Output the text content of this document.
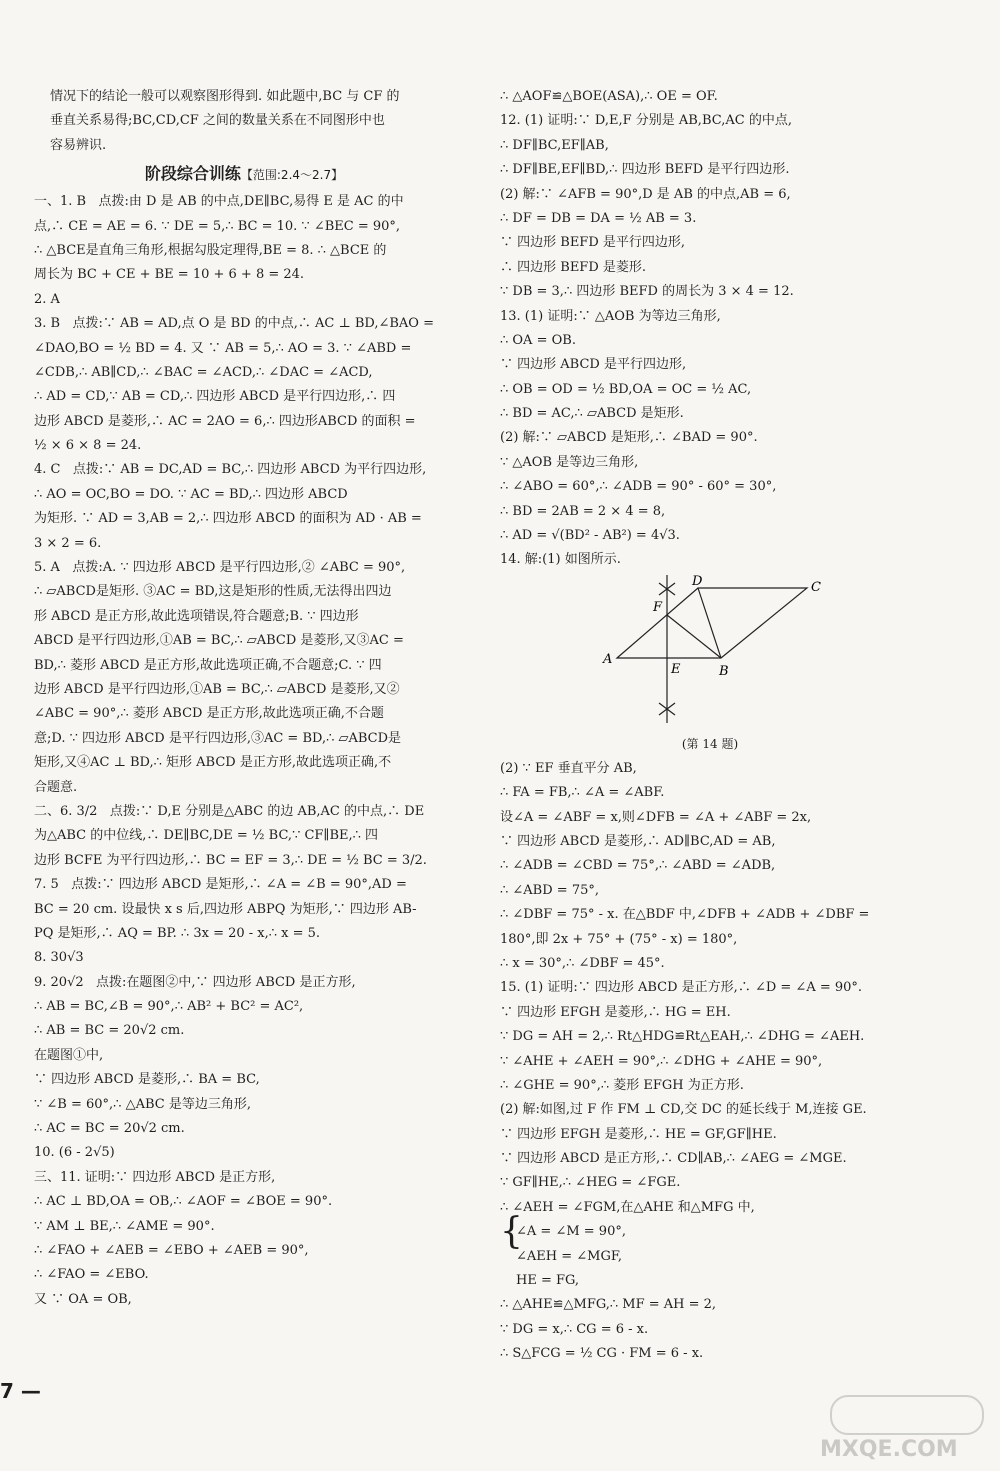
情况下的结论一般可以观察图形得到. 如此题中,BC 与 CF 的
垂直关系易得;BC,CD,CF 之间的数量关系在不同图形中也
容易辨识.
阶段综合训练【范围:2.4～2.7】
一、1. B   点拨:由 D 是 AB 的中点,DE∥BC,易得 E 是 AC 的中
点,∴ CE = AE = 6. ∵ DE = 5,∴ BC = 10. ∵ ∠BEC = 90°,
∴ △BCE是直角三角形,根据勾股定理得,BE = 8. ∴ △BCE 的
周长为 BC + CE + BE = 10 + 6 + 8 = 24.
2. A
3. B   点拨:∵ AB = AD,点 O 是 BD 的中点,∴ AC ⊥ BD,∠BAO =
∠DAO,BO = ½ BD = 4. 又 ∵ AB = 5,∴ AO = 3. ∵ ∠ABD =
∠CDB,∴ AB∥CD,∴ ∠BAC = ∠ACD,∴ ∠DAC = ∠ACD,
∴ AD = CD,∵ AB = CD,∴ 四边形 ABCD 是平行四边形,∴ 四
边形 ABCD 是菱形,∴ AC = 2AO = 6,∴ 四边形ABCD 的面积 =
½ × 6 × 8 = 24.
4. C   点拨:∵ AB = DC,AD = BC,∴ 四边形 ABCD 为平行四边形,
∴ AO = OC,BO = DO. ∵ AC = BD,∴ 四边形 ABCD
为矩形. ∵ AD = 3,AB = 2,∴ 四边形 ABCD 的面积为 AD · AB =
3 × 2 = 6.
5. A   点拨:A. ∵ 四边形 ABCD 是平行四边形,② ∠ABC = 90°,
∴ ▱ABCD是矩形. ③AC = BD,这是矩形的性质,无法得出四边
形 ABCD 是正方形,故此选项错误,符合题意;B. ∵ 四边形
ABCD 是平行四边形,①AB = BC,∴ ▱ABCD 是菱形,又③AC =
BD,∴ 菱形 ABCD 是正方形,故此选项正确,不合题意;C. ∵ 四
边形 ABCD 是平行四边形,①AB = BC,∴ ▱ABCD 是菱形,又②
∠ABC = 90°,∴ 菱形 ABCD 是正方形,故此选项正确,不合题
意;D. ∵ 四边形 ABCD 是平行四边形,③AC = BD,∴ ▱ABCD是
矩形,又④AC ⊥ BD,∴ 矩形 ABCD 是正方形,故此选项正确,不
合题意.
二、6. 3/2   点拨:∵ D,E 分别是△ABC 的边 AB,AC 的中点,∴ DE
为△ABC 的中位线,∴ DE∥BC,DE = ½ BC,∵ CF∥BE,∴ 四
边形 BCFE 为平行四边形,∴ BC = EF = 3,∴ DE = ½ BC = 3/2.
7. 5   点拨:∵ 四边形 ABCD 是矩形,∴ ∠A = ∠B = 90°,AD =
BC = 20 cm. 设最快 x s 后,四边形 ABPQ 为矩形,∵ 四边形 AB-
PQ 是矩形,∴ AQ = BP. ∴ 3x = 20 - x,∴ x = 5.
8. 30√3
9. 20√2   点拨:在题图②中,∵ 四边形 ABCD 是正方形,
∴ AB = BC,∠B = 90°,∴ AB² + BC² = AC²,
∴ AB = BC = 20√2 cm.
在题图①中,
∵ 四边形 ABCD 是菱形,∴ BA = BC,
∵ ∠B = 60°,∴ △ABC 是等边三角形,
∴ AC = BC = 20√2 cm.
10. (6 - 2√5)
三、11. 证明:∵ 四边形 ABCD 是正方形,
∴ AC ⊥ BD,OA = OB,∴ ∠AOF = ∠BOE = 90°.
∵ AM ⊥ BE,∴ ∠AME = 90°.
∴ ∠FAO + ∠AEB = ∠EBO + ∠AEB = 90°,
∴ ∠FAO = ∠EBO.
又 ∵ OA = OB,
∴ △AOF≌△BOE(ASA),∴ OE = OF.
12. (1) 证明:∵ D,E,F 分别是 AB,BC,AC 的中点,
∴ DF∥BC,EF∥AB,
∴ DF∥BE,EF∥BD,∴ 四边形 BEFD 是平行四边形.
(2) 解:∵ ∠AFB = 90°,D 是 AB 的中点,AB = 6,
∴ DF = DB = DA = ½ AB = 3.
∵ 四边形 BEFD 是平行四边形,
∴ 四边形 BEFD 是菱形.
∵ DB = 3,∴ 四边形 BEFD 的周长为 3 × 4 = 12.
13. (1) 证明:∵ △AOB 为等边三角形,
∴ OA = OB.
∵ 四边形 ABCD 是平行四边形,
∴ OB = OD = ½ BD,OA = OC = ½ AC,
∴ BD = AC,∴ ▱ABCD 是矩形.
(2) 解:∵ ▱ABCD 是矩形,∴ ∠BAD = 90°.
∵ △AOB 是等边三角形,
∴ ∠ABO = 60°,∴ ∠ADB = 90° - 60° = 30°,
∴ BD = 2AB = 2 × 4 = 8,
∴ AD = √(BD² - AB²) = 4√3.
14. 解:(1) 如图所示.
A
B
C
D
E
F
(第 14 题)
(2) ∵ EF 垂直平分 AB,
∴ FA = FB,∴ ∠A = ∠ABF.
设∠A = ∠ABF = x,则∠DFB = ∠A + ∠ABF = 2x,
∵ 四边形 ABCD 是菱形,∴ AD∥BC,AD = AB,
∴ ∠ADB = ∠CBD = 75°,∴ ∠ABD = ∠ADB,
∴ ∠ABD = 75°,
∴ ∠DBF = 75° - x. 在△BDF 中,∠DFB + ∠ADB + ∠DBF =
180°,即 2x + 75° + (75° - x) = 180°,
∴ x = 30°,∴ ∠DBF = 45°.
15. (1) 证明:∵ 四边形 ABCD 是正方形,∴ ∠D = ∠A = 90°.
∵ 四边形 EFGH 是菱形,∴ HG = EH.
∵ DG = AH = 2,∴ Rt△HDG≌Rt△EAH,∴ ∠DHG = ∠AEH.
∵ ∠AHE + ∠AEH = 90°,∴ ∠DHG + ∠AHE = 90°,
∴ ∠GHE = 90°,∴ 菱形 EFGH 为正方形.
(2) 解:如图,过 F 作 FM ⊥ CD,交 DC 的延长线于 M,连接 GE.
∵ 四边形 EFGH 是菱形,∴ HE = GF,GF∥HE.
∵ 四边形 ABCD 是正方形,∴ CD∥AB,∴ ∠AEG = ∠MGE.
∵ GF∥HE,∴ ∠HEG = ∠FGE.
∴ ∠AEH = ∠FGM,在△AHE 和△MFG 中,
{
∠A = ∠M = 90°,
∠AEH = ∠MGF,
HE = FG,
∴ △AHE≌△MFG,∴ MF = AH = 2,
∵ DG = x,∴ CG = 6 - x.
∴ S△FCG = ½ CG · FM = 6 - x.
7 —
MXQE.COM
